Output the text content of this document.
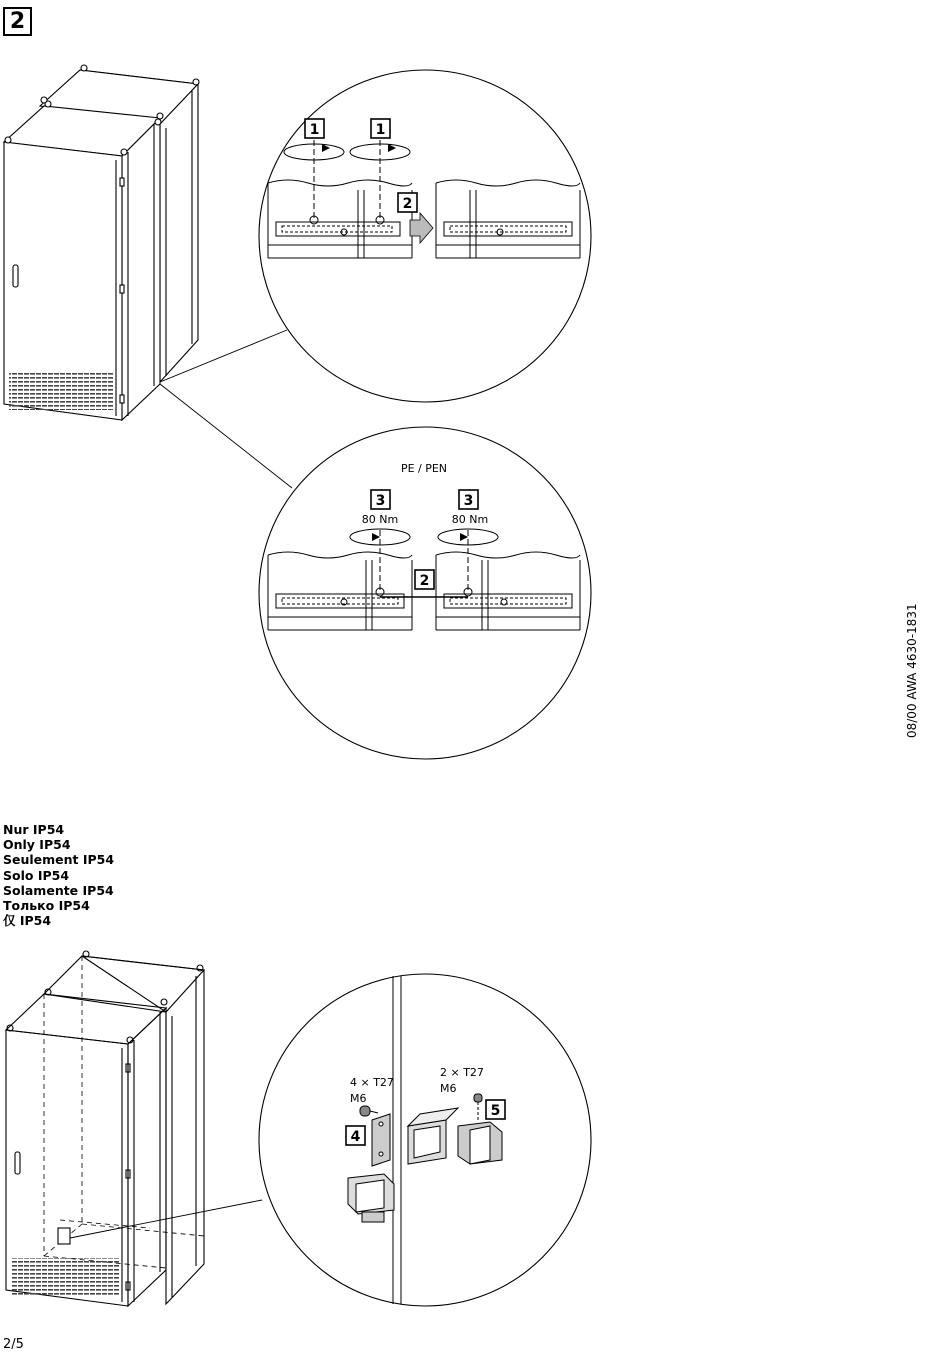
2
1	1
2
PE / PEN
3	3
80 Nm	80 Nm
2
4
5
4 × T27
M6
2 × T27
M6
Nur IP54
Only IP54
Seulement IP54
Solo IP54
Solamente IP54
Только IP54
仅 IP54
08/00 AWA 4630-1831
2/5
